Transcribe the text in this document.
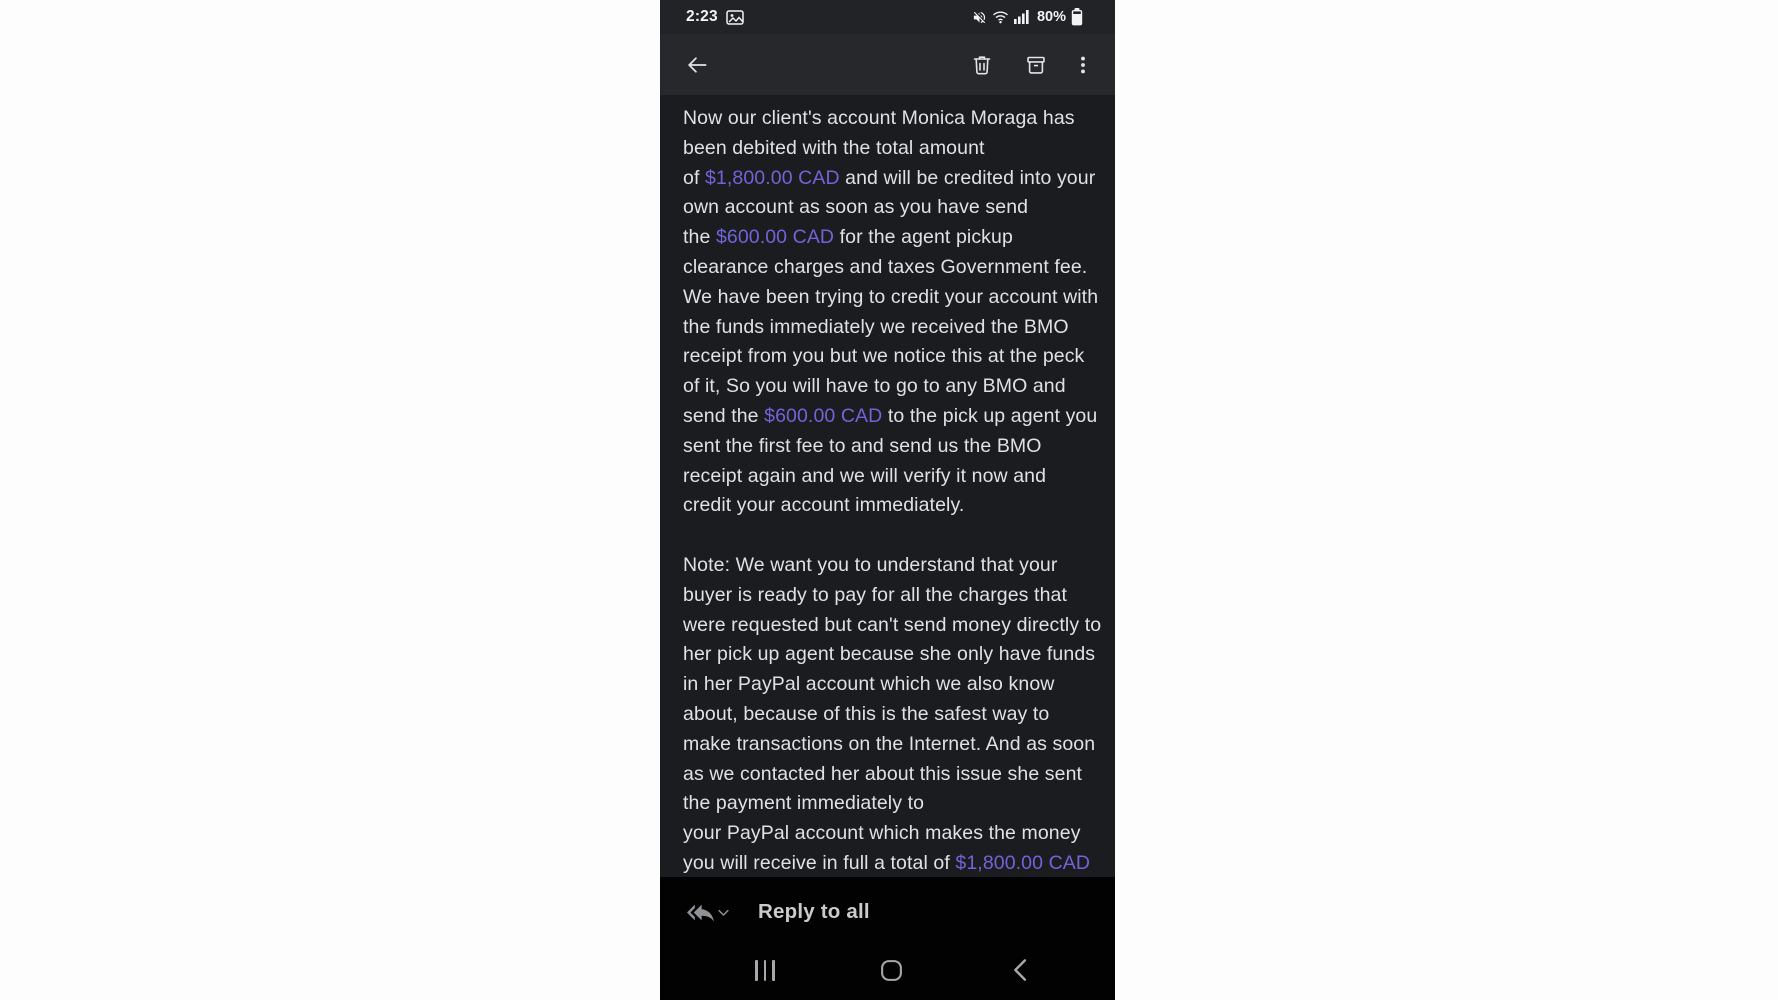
2:23	80%
Now our client's account Monica Moraga has
been debited with the total amount
of $1,800.00 CAD and will be credited into your
own account as soon as you have send
the $600.00 CAD for the agent pickup
clearance charges and taxes Government fee.
We have been trying to credit your account with
the funds immediately we received the BMO
receipt from you but we notice this at the peck
of it, So you will have to go to any BMO and
send the $600.00 CAD to the pick up agent you
sent the first fee to and send us the BMO
receipt again and we will verify it now and
credit your account immediately.
Note: We want you to understand that your
buyer is ready to pay for all the charges that
were requested but can't send money directly to
her pick up agent because she only have funds
in her PayPal account which we also know
about, because of this is the safest way to
make transactions on the Internet. And as soon
as we contacted her about this issue she sent
the payment immediately to
your PayPal account which makes the money
you will receive in full a total of $1,800.00 CAD
Reply to all
